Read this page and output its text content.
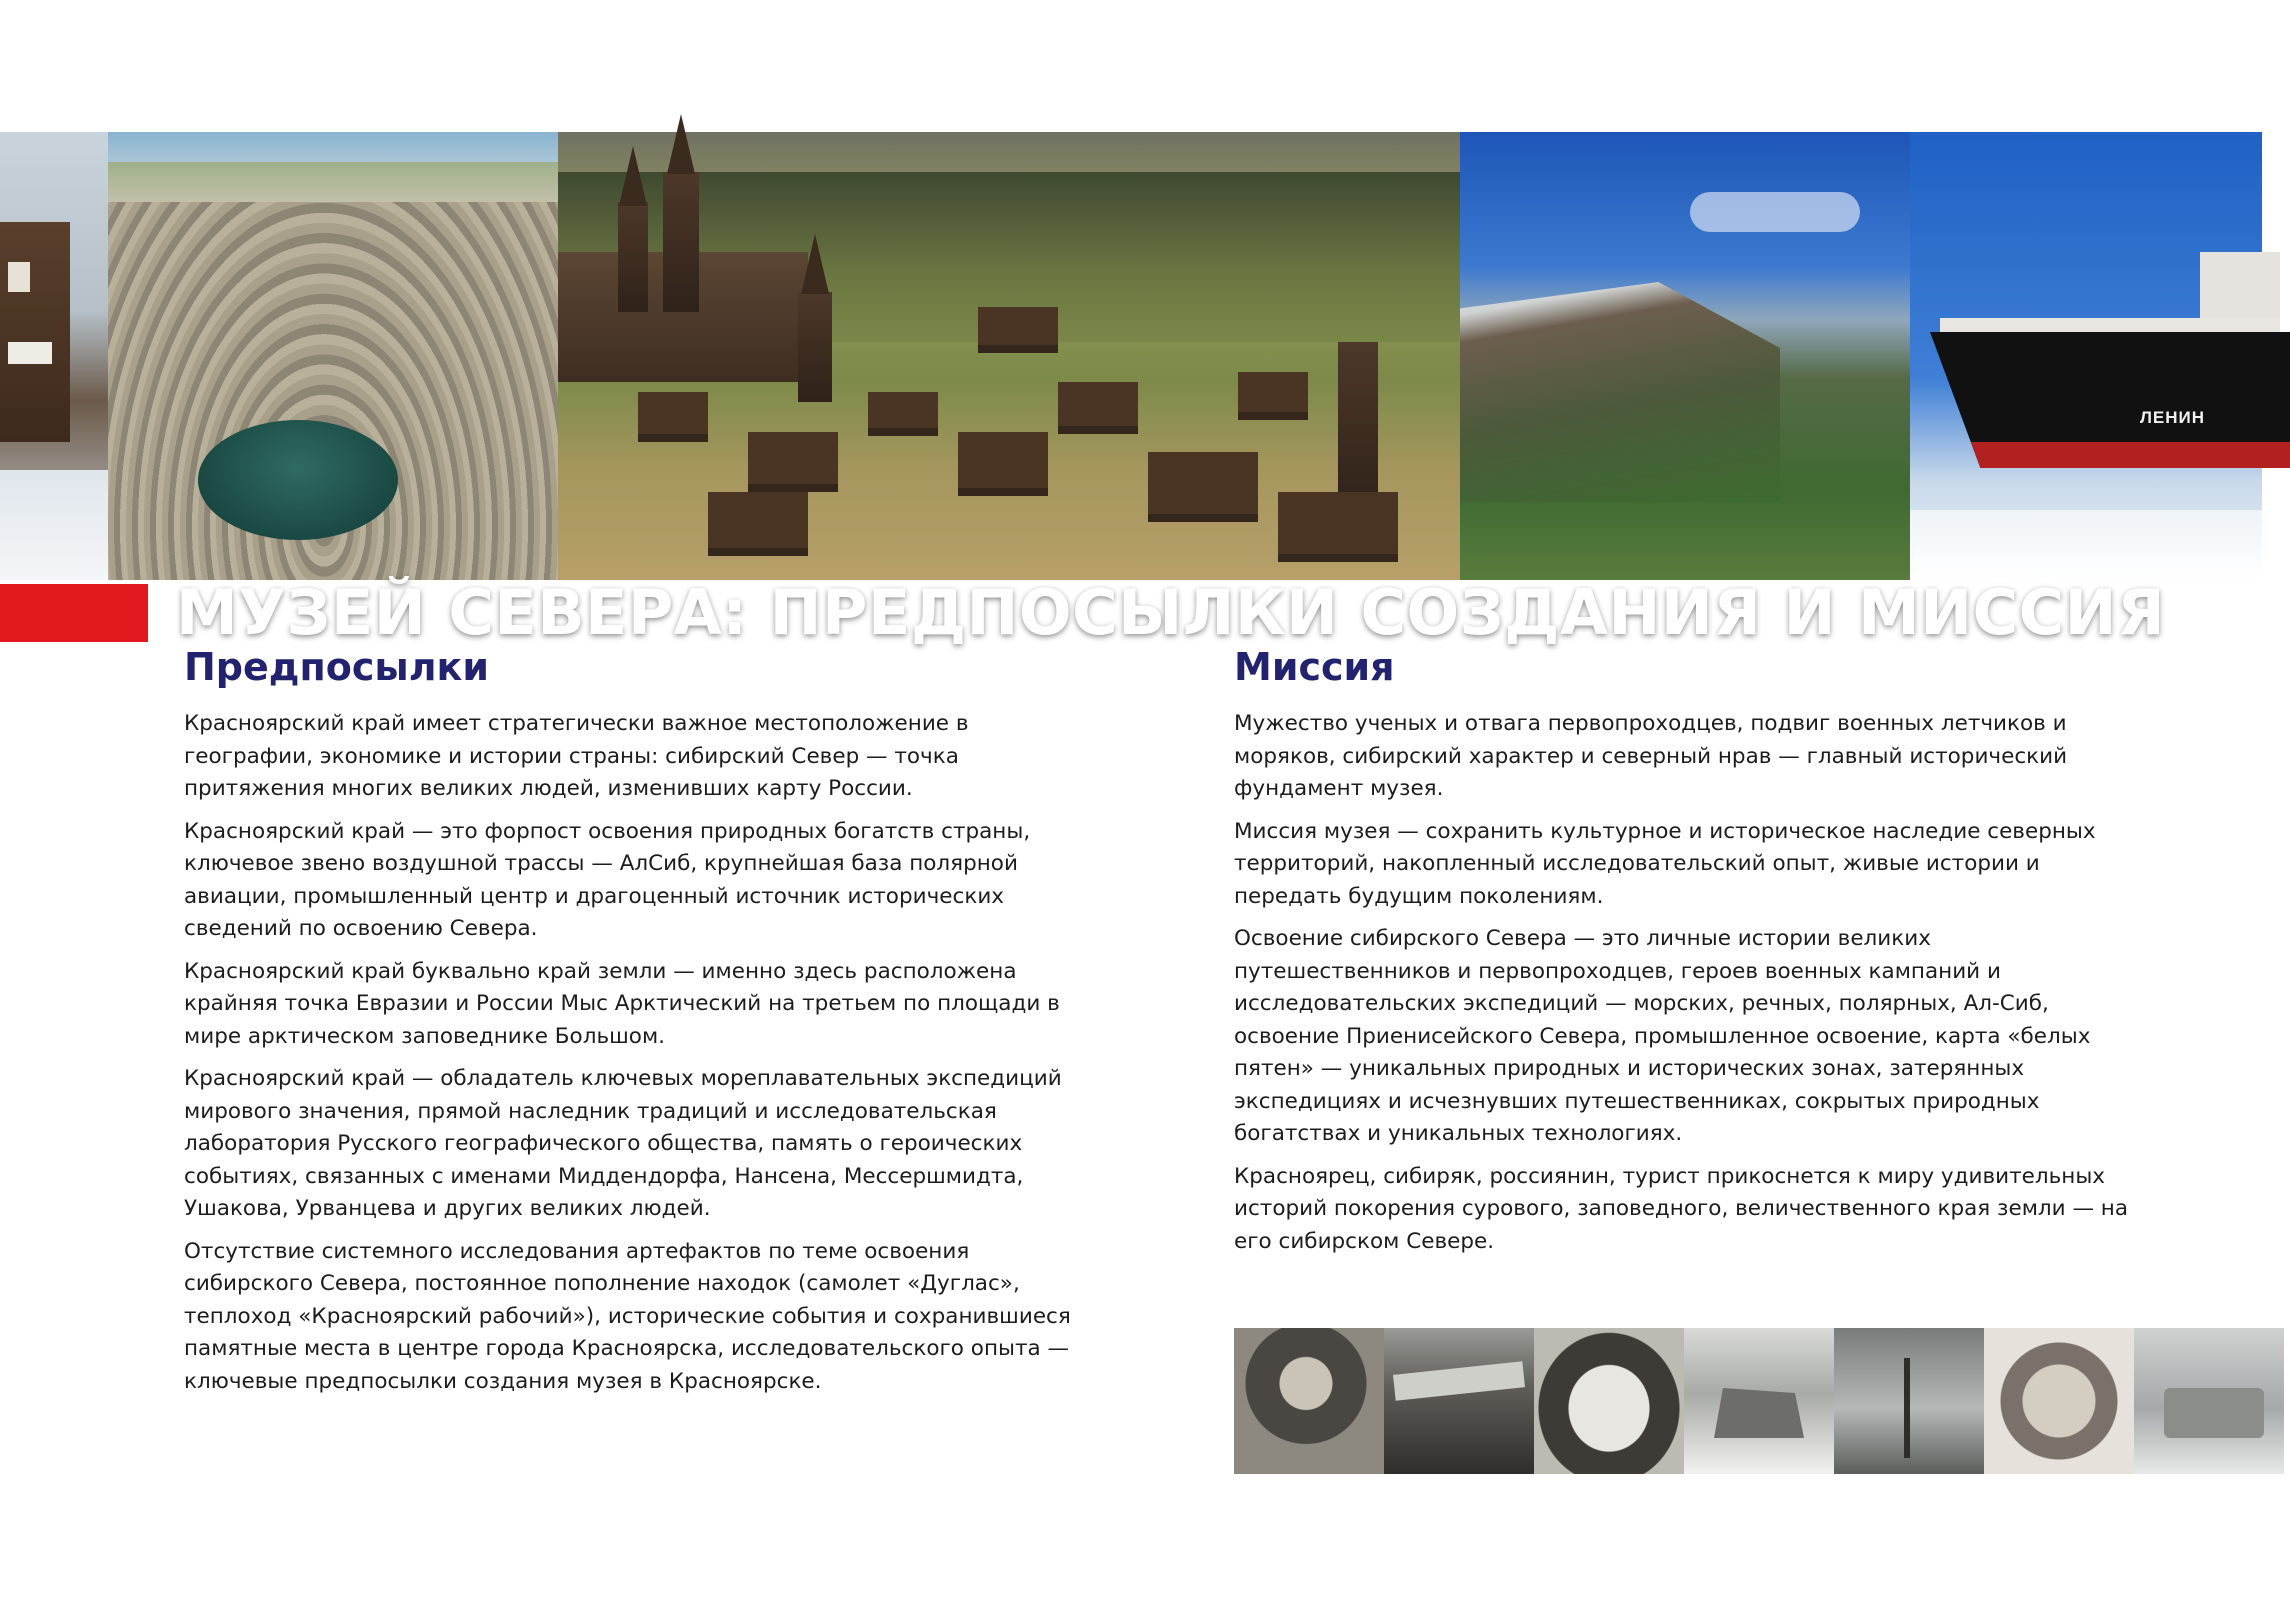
ЛЕНИН
МУЗЕЙ СЕВЕРА: ПРЕДПОСЫЛКИ СОЗДАНИЯ И МИССИЯ
Предпосылки

Красноярский край имеет стратегически важное местоположение в географии, экономике и истории страны: сибирский Север — точка притяжения многих великих людей, изменивших карту России.

Красноярский край — это форпост освоения природных богатств страны, ключевое звено воздушной трассы — АлСиб, крупнейшая база полярной авиации, промышленный центр и драгоценный источник исторических сведений по освоению Севера.

Красноярский край буквально край земли — именно здесь расположена крайняя точка Евразии и России Мыс Арктический на третьем по площади в мире арктическом заповеднике Большом.

Красноярский край — обладатель ключевых мореплавательных экспедиций мирового значения, прямой наследник традиций и исследовательская лаборатория Русского географического общества, память о героических событиях, связанных с именами Миддендорфа, Нансена, Мессершмидта, Ушакова, Урванцева и других великих людей.

Отсутствие системного исследования артефактов по теме освоения сибирского Севера, постоянное пополнение находок (самолет «Дуглас», теплоход «Красноярский рабочий»), исторические события и сохранившиеся памятные места в центре города Красноярска, исследовательского опыта — ключевые предпосылки создания музея в Красноярске.

Миссия

Мужество ученых и отвага первопроходцев, подвиг военных летчиков и моряков, сибирский характер и северный нрав — главный исторический фундамент музея.

Миссия музея — сохранить культурное и историческое наследие северных территорий, накопленный исследовательский опыт, живые истории и передать будущим поколениям.

Освоение сибирского Севера — это личные истории великих путешественников и первопроходцев, героев военных кампаний и исследовательских экспедиций — морских, речных, полярных, Ал-Сиб, освоение Приенисейского Севера, промышленное освоение, карта «белых пятен» — уникальных природных и исторических зонах, затерянных экспедициях и исчезнувших путешественниках, сокрытых природных богатствах и уникальных технологиях.

Красноярец, сибиряк, россиянин, турист прикоснется к миру удивительных историй покорения сурового, заповедного, величественного края земли — на его сибирском Севере.
